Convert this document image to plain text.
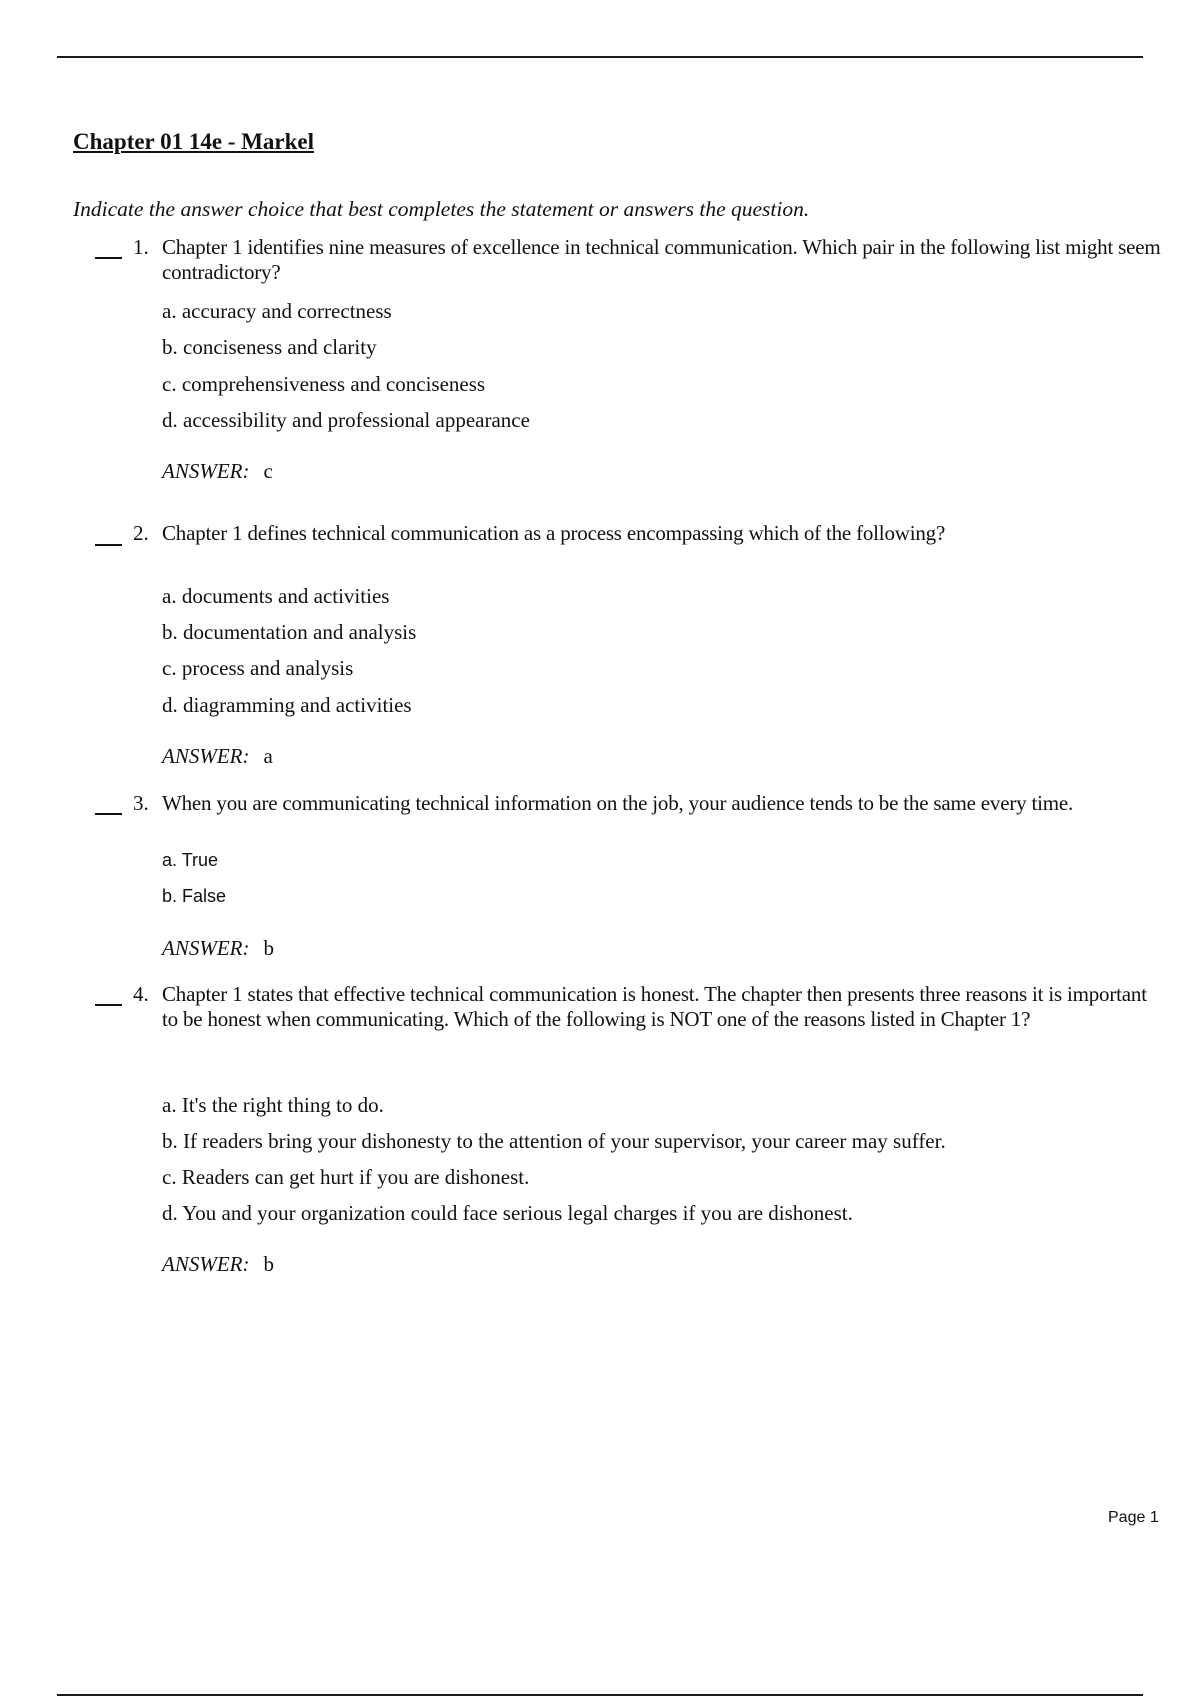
Chapter 01 14e - Markel
Indicate the answer choice that best completes the statement or answers the question.
1. Chapter 1 identifies nine measures of excellence in technical communication. Which pair in the following list might seem contradictory?
a. accuracy and correctness
b. conciseness and clarity
c. comprehensiveness and conciseness
d. accessibility and professional appearance
ANSWER: c
2. Chapter 1 defines technical communication as a process encompassing which of the following?
a. documents and activities
b. documentation and analysis
c. process and analysis
d. diagramming and activities
ANSWER: a
3. When you are communicating technical information on the job, your audience tends to be the same every time.
a. True
b. False
ANSWER: b
4. Chapter 1 states that effective technical communication is honest. The chapter then presents three reasons it is important to be honest when communicating. Which of the following is NOT one of the reasons listed in Chapter 1?
a. It's the right thing to do.
b. If readers bring your dishonesty to the attention of your supervisor, your career may suffer.
c. Readers can get hurt if you are dishonest.
d. You and your organization could face serious legal charges if you are dishonest.
ANSWER: b
Page 1
